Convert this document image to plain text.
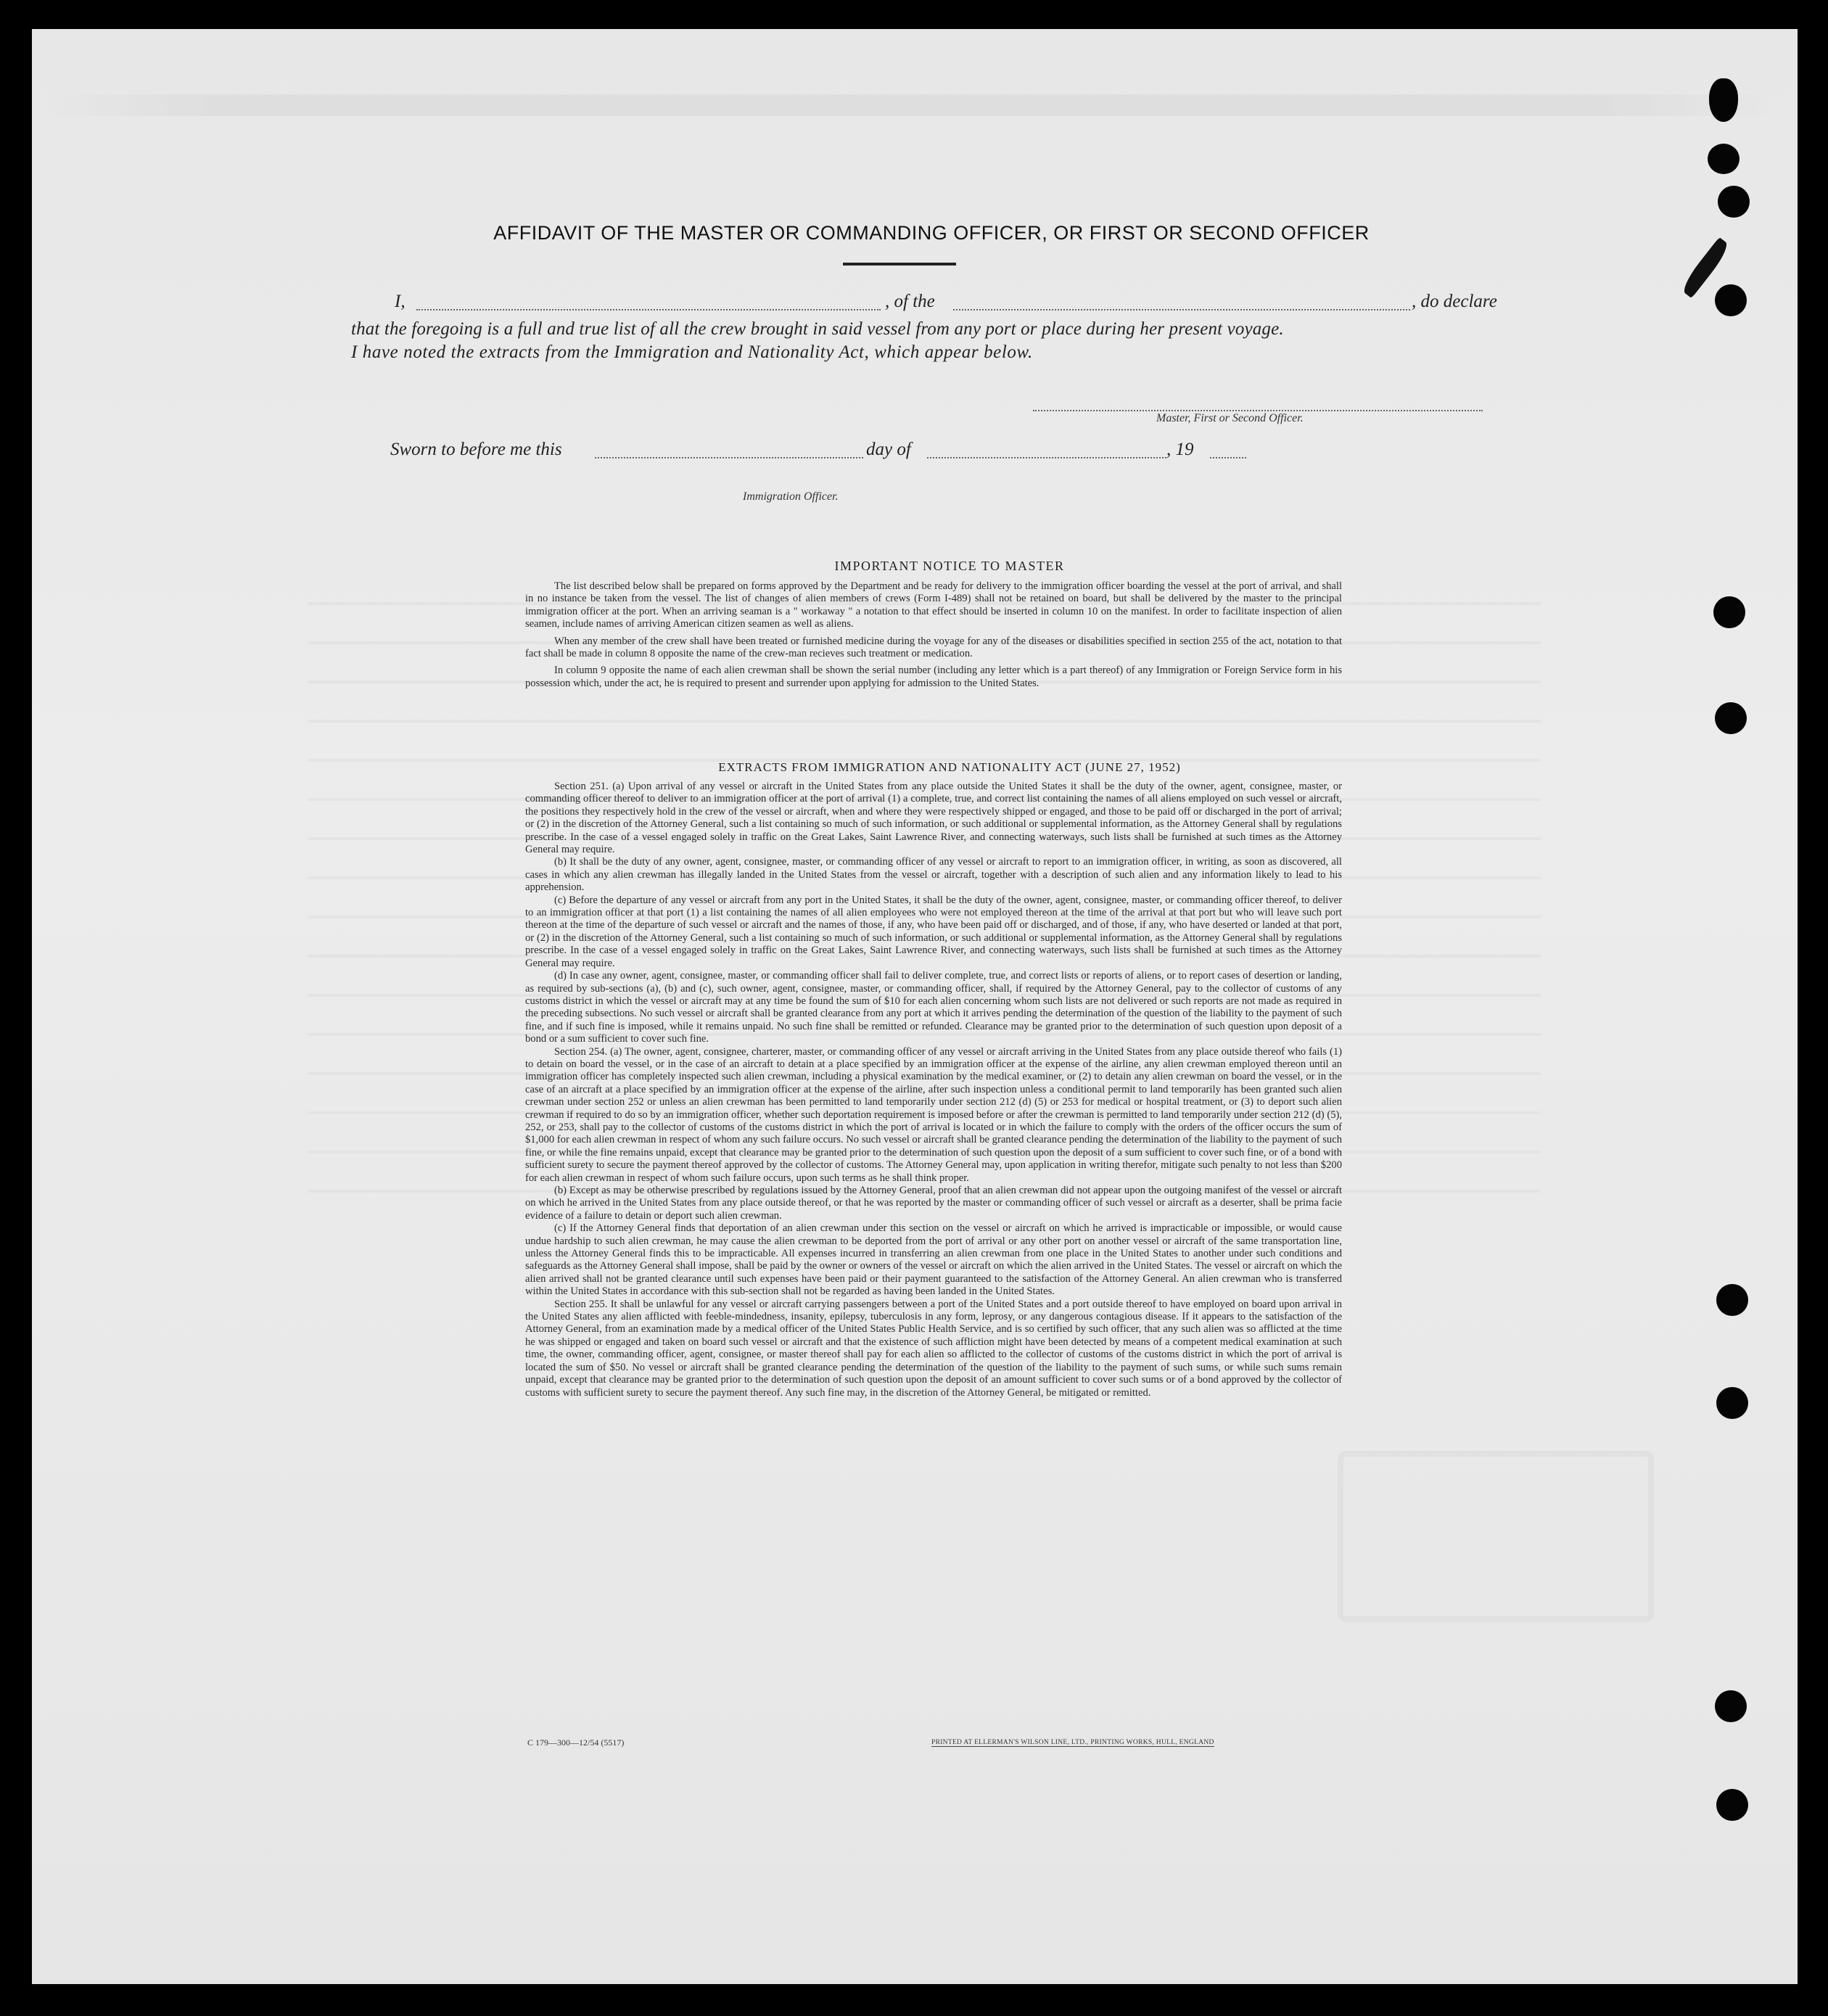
AFFIDAVIT OF THE MASTER OR COMMANDING OFFICER, OR FIRST OR SECOND OFFICER
I,	, of the	, do declare
that the foregoing is a full and true list of all the crew brought in said vessel from any port or place during her present voyage.
I have noted the extracts from the Immigration and Nationality Act, which appear below.
Master, First or Second Officer.
Sworn to before me this	day of	, 19
Immigration Officer.
IMPORTANT NOTICE TO MASTER

The list described below shall be prepared on forms approved by the Department and be ready for delivery to the immigration officer boarding the vessel at the port of arrival, and shall in no instance be taken from the vessel. The list of changes of alien members of crews (Form I-489) shall not be retained on board, but shall be delivered by the master to the principal immigration officer at the port. When an arriving seaman is a " workaway " a notation to that effect should be inserted in column 10 on the manifest. In order to facilitate inspection of alien seamen, include names of arriving American citizen seamen as well as aliens.

When any member of the crew shall have been treated or furnished medicine during the voyage for any of the diseases or disabilities specified in section 255 of the act, notation to that fact shall be made in column 8 opposite the name of the crew-man recieves such treatment or medication.

In column 9 opposite the name of each alien crewman shall be shown the serial number (including any letter which is a part thereof) of any Immigration or Foreign Service form in his possession which, under the act, he is required to present and surrender upon applying for admission to the United States.

EXTRACTS FROM IMMIGRATION AND NATIONALITY ACT (JUNE 27, 1952)

Section 251. (a) Upon arrival of any vessel or aircraft in the United States from any place outside the United States it shall be the duty of the owner, agent, consignee, master, or commanding officer thereof to deliver to an immigration officer at the port of arrival (1) a complete, true, and correct list containing the names of all aliens employed on such vessel or aircraft, the positions they respectively hold in the crew of the vessel or aircraft, when and where they were respectively shipped or engaged, and those to be paid off or discharged in the port of arrival; or (2) in the discretion of the Attorney General, such a list containing so much of such information, or such additional or supplemental information, as the Attorney General shall by regulations prescribe. In the case of a vessel engaged solely in traffic on the Great Lakes, Saint Lawrence River, and connecting waterways, such lists shall be furnished at such times as the Attorney General may require.

(b) It shall be the duty of any owner, agent, consignee, master, or commanding officer of any vessel or aircraft to report to an immigration officer, in writing, as soon as discovered, all cases in which any alien crewman has illegally landed in the United States from the vessel or aircraft, together with a description of such alien and any information likely to lead to his apprehension.

(c) Before the departure of any vessel or aircraft from any port in the United States, it shall be the duty of the owner, agent, consignee, master, or commanding officer thereof, to deliver to an immigration officer at that port (1) a list containing the names of all alien employees who were not employed thereon at the time of the arrival at that port but who will leave such port thereon at the time of the departure of such vessel or aircraft and the names of those, if any, who have been paid off or discharged, and of those, if any, who have deserted or landed at that port, or (2) in the discretion of the Attorney General, such a list containing so much of such information, or such additional or supplemental information, as the Attorney General shall by regulations prescribe. In the case of a vessel engaged solely in traffic on the Great Lakes, Saint Lawrence River, and connecting waterways, such lists shall be furnished at such times as the Attorney General may require.

(d) In case any owner, agent, consignee, master, or commanding officer shall fail to deliver complete, true, and correct lists or reports of aliens, or to report cases of desertion or landing, as required by sub-sections (a), (b) and (c), such owner, agent, consignee, master, or commanding officer, shall, if required by the Attorney General, pay to the collector of customs of any customs district in which the vessel or aircraft may at any time be found the sum of $10 for each alien concerning whom such lists are not delivered or such reports are not made as required in the preceding subsections. No such vessel or aircraft shall be granted clearance from any port at which it arrives pending the determination of the question of the liability to the payment of such fine, and if such fine is imposed, while it remains unpaid. No such fine shall be remitted or refunded. Clearance may be granted prior to the determination of such question upon deposit of a bond or a sum sufficient to cover such fine.

Section 254. (a) The owner, agent, consignee, charterer, master, or commanding officer of any vessel or aircraft arriving in the United States from any place outside thereof who fails (1) to detain on board the vessel, or in the case of an aircraft to detain at a place specified by an immigration officer at the expense of the airline, any alien crewman employed thereon until an immigration officer has completely inspected such alien crewman, including a physical examination by the medical examiner, or (2) to detain any alien crewman on board the vessel, or in the case of an aircraft at a place specified by an immigration officer at the expense of the airline, after such inspection unless a conditional permit to land temporarily has been granted such alien crewman under section 252 or unless an alien crewman has been permitted to land temporarily under section 212 (d) (5) or 253 for medical or hospital treatment, or (3) to deport such alien crewman if required to do so by an immigration officer, whether such deportation requirement is imposed before or after the crewman is permitted to land temporarily under section 212 (d) (5), 252, or 253, shall pay to the collector of customs of the customs district in which the port of arrival is located or in which the failure to comply with the orders of the officer occurs the sum of $1,000 for each alien crewman in respect of whom any such failure occurs. No such vessel or aircraft shall be granted clearance pending the determination of the liability to the payment of such fine, or while the fine remains unpaid, except that clearance may be granted prior to the determination of such question upon the deposit of a sum sufficient to cover such fine, or of a bond with sufficient surety to secure the payment thereof approved by the collector of customs. The Attorney General may, upon application in writing therefor, mitigate such penalty to not less than $200 for each alien crewman in respect of whom such failure occurs, upon such terms as he shall think proper.

(b) Except as may be otherwise prescribed by regulations issued by the Attorney General, proof that an alien crewman did not appear upon the outgoing manifest of the vessel or aircraft on which he arrived in the United States from any place outside thereof, or that he was reported by the master or commanding officer of such vessel or aircraft as a deserter, shall be prima facie evidence of a failure to detain or deport such alien crewman.

(c) If the Attorney General finds that deportation of an alien crewman under this section on the vessel or aircraft on which he arrived is impracticable or impossible, or would cause undue hardship to such alien crewman, he may cause the alien crewman to be deported from the port of arrival or any other port on another vessel or aircraft of the same transportation line, unless the Attorney General finds this to be impracticable. All expenses incurred in transferring an alien crewman from one place in the United States to another under such conditions and safeguards as the Attorney General shall impose, shall be paid by the owner or owners of the vessel or aircraft on which the alien arrived in the United States. The vessel or aircraft on which the alien arrived shall not be granted clearance until such expenses have been paid or their payment guaranteed to the satisfaction of the Attorney General. An alien crewman who is transferred within the United States in accordance with this sub-section shall not be regarded as having been landed in the United States.

Section 255. It shall be unlawful for any vessel or aircraft carrying passengers between a port of the United States and a port outside thereof to have employed on board upon arrival in the United States any alien afflicted with feeble-mindedness, insanity, epilepsy, tuberculosis in any form, leprosy, or any dangerous contagious disease. If it appears to the satisfaction of the Attorney General, from an examination made by a medical officer of the United States Public Health Service, and is so certified by such officer, that any such alien was so afflicted at the time he was shipped or engaged and taken on board such vessel or aircraft and that the existence of such affliction might have been detected by means of a competent medical examination at such time, the owner, commanding officer, agent, consignee, or master thereof shall pay for each alien so afflicted to the collector of customs of the customs district in which the port of arrival is located the sum of $50. No vessel or aircraft shall be granted clearance pending the determination of the question of the liability to the payment of such sums, or while such sums remain unpaid, except that clearance may be granted prior to the determination of such question upon the deposit of an amount sufficient to cover such sums or of a bond approved by the collector of customs with sufficient surety to secure the payment thereof. Any such fine may, in the discretion of the Attorney General, be mitigated or remitted.

C 179—300—12/54 (5517)	PRINTED AT ELLERMAN'S WILSON LINE, LTD., PRINTING WORKS, HULL, ENGLAND
